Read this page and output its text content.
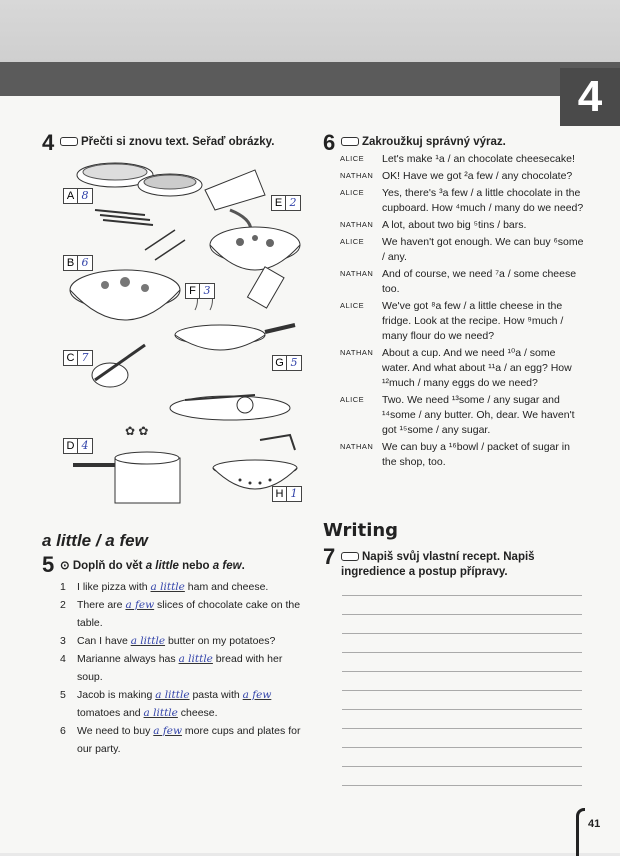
4
4	Přečti si znovu text. Seřaď obrázky.
✿ ✿
A 8
B 6
C 7
D 4
E 2
F 3
G 5
H 1
6	Zakroužkuj správný výraz.
ALICE	Let's make ¹a / an chocolate cheesecake!
NATHAN OK! Have we got ²a few / any chocolate?
ALICE	Yes, there's ³a few / a little chocolate in the cupboard. How ⁴much / many do we need?
NATHAN A lot, about two big ⁵tins / bars.
ALICE	We haven't got enough. We can buy ⁶some / any.
NATHAN And of course, we need ⁷a / some cheese too.
ALICE	We've got ⁸a few / a little cheese in the fridge. Look at the recipe. How ⁹much / many flour do we need?
NATHAN About a cup. And we need ¹⁰a / some water. And what about ¹¹a / an egg? How ¹²much / many eggs do we need?
ALICE	Two. We need ¹³some / any sugar and ¹⁴some / any butter. Oh, dear. We haven't got ¹⁵some / any sugar.
NATHAN We can buy a ¹⁶bowl / packet of sugar in the shop, too.
a little / a few
5 ⊙ Doplň do vět a little nebo a few.
1	I like pizza with a little ham and cheese.
2	There are a few slices of chocolate cake on the table.
3	Can I have a little butter on my potatoes?
4	Marianne always has a little bread with her soup.
5	Jacob is making a little pasta with a few tomatoes and a little cheese.
6	We need to buy a few more cups and plates for our party.
Writing
7	Napiš svůj vlastní recept. Napiš ingredience a postup přípravy.
41
